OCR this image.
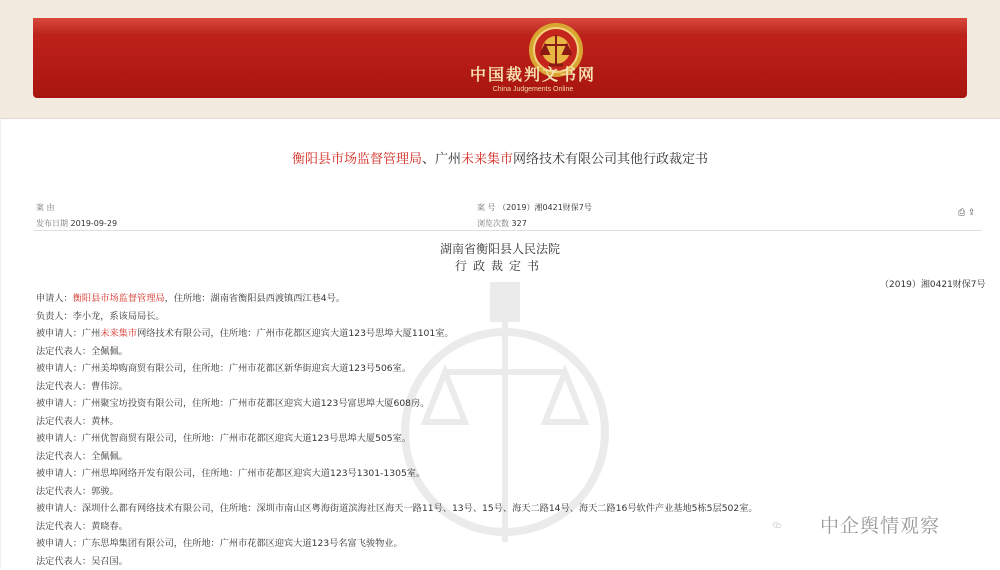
中国裁判文书网
China Judgements Online
衡阳县市场监督管理局、广州未来集市网络技术有限公司其他行政裁定书
案 由	案 号 （2019）湘0421财保7号
发布日期 2019-09-29	浏览次数 327
⎙ ⇪
湖南省衡阳县人民法院
行政裁定书
（2019）湘0421财保7号
申请人：衡阳县市场监督管理局，住所地：湖南省衡阳县西渡镇西江巷4号。
负责人：李小龙，系该局局长。
被申请人：广州未来集市网络技术有限公司，住所地：广州市花都区迎宾大道123号思埠大厦1101室。
法定代表人：全佩佩。
被申请人：广州美埠购商贸有限公司，住所地：广州市花都区新华街迎宾大道123号506室。
法定代表人：曹伟淙。
被申请人：广州聚宝坊投资有限公司，住所地：广州市花都区迎宾大道123号富思埠大厦608房。
法定代表人：黄林。
被申请人：广州优智商贸有限公司，住所地：广州市花都区迎宾大道123号思埠大厦505室。
法定代表人：全佩佩。
被申请人：广州思埠网络开发有限公司，住所地：广州市花都区迎宾大道123号1301-1305室。
法定代表人：郭骏。
被申请人：深圳什么都有网络技术有限公司，住所地：深圳市南山区粤海街道滨海社区海天一路11号、13号、15号、海天二路14号、海天二路16号软件产业基地5栋5层502室。
法定代表人：黄晓春。
被申请人：广东思埠集团有限公司，住所地：广州市花都区迎宾大道123号名富飞骏物业。
法定代表人：吴召国。
中企舆情观察
